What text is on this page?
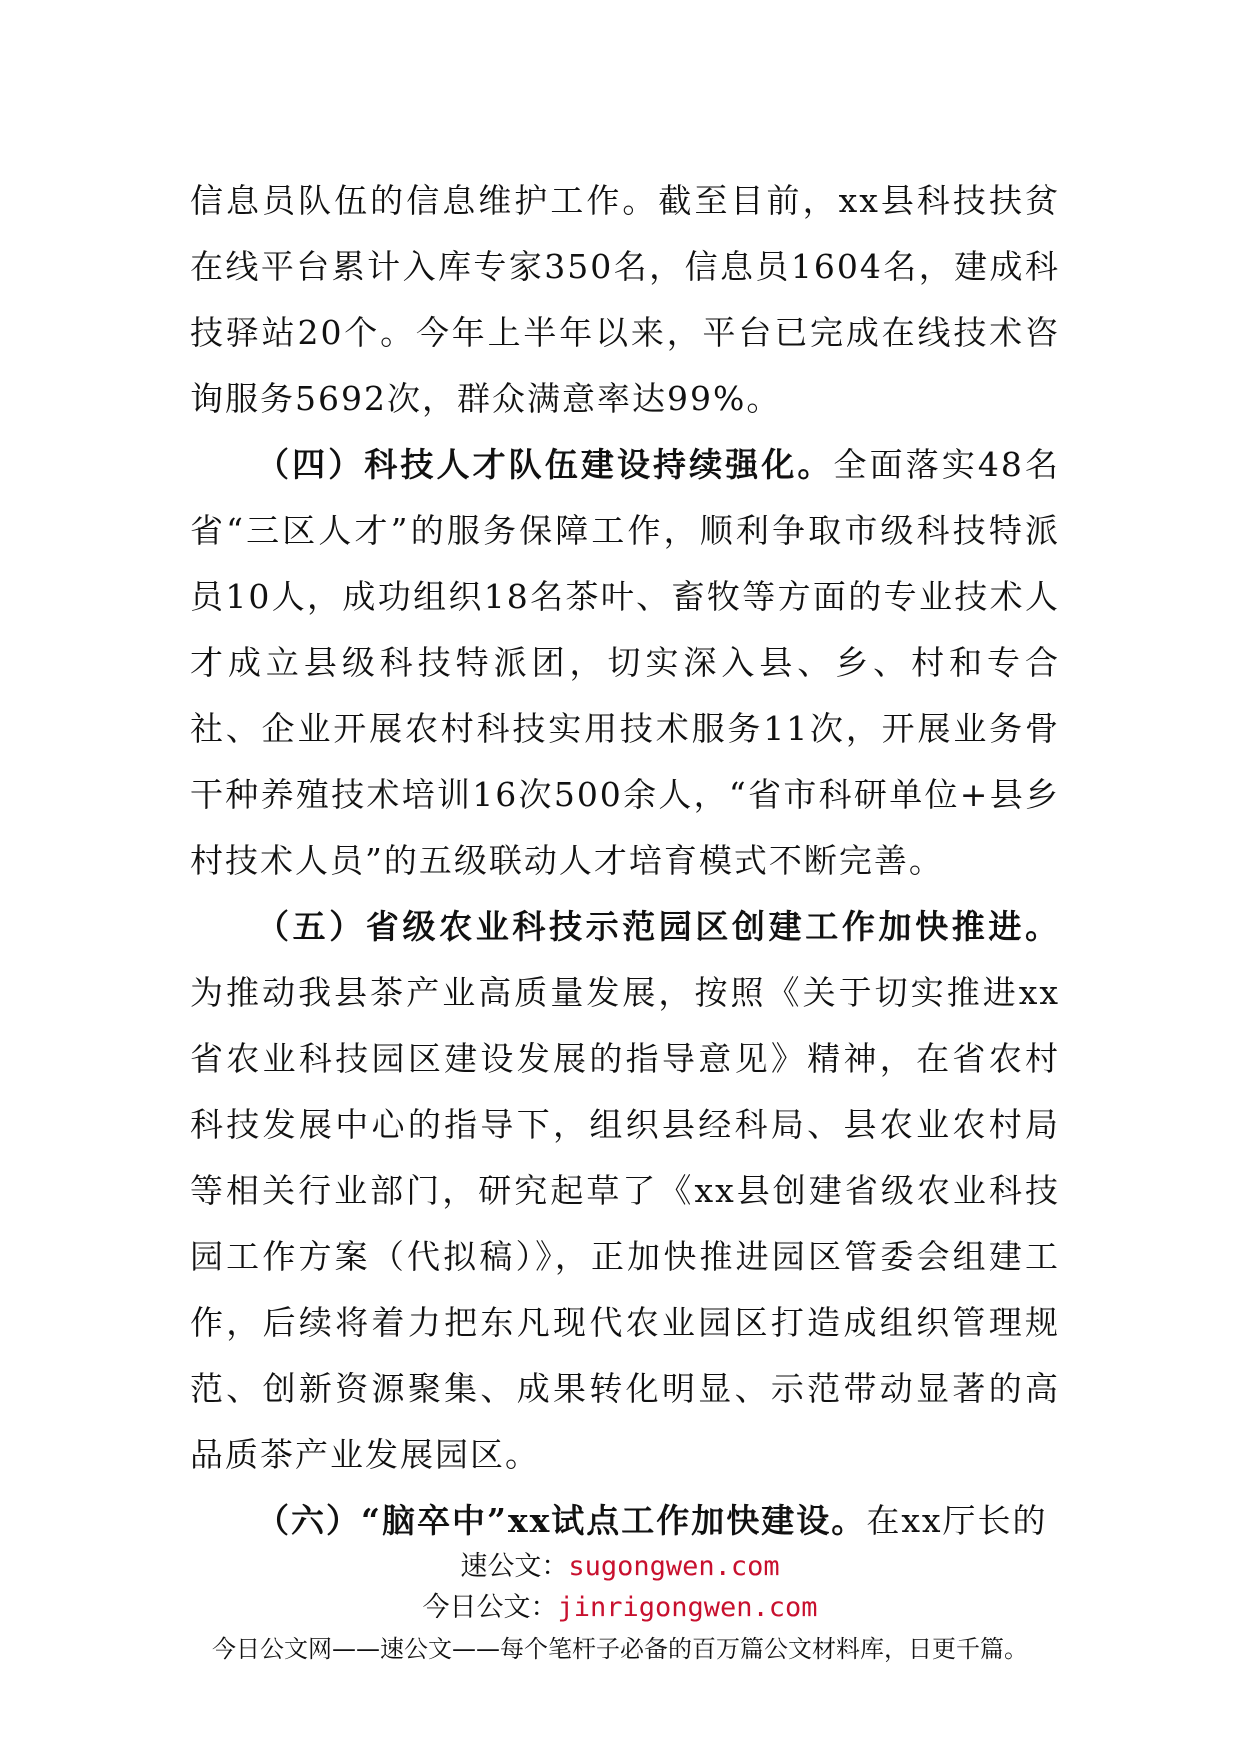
信息员队伍的信息维护工作。截至目前，xx县科技扶贫在线平台累计入库专家350名，信息员1604名，建成科技驿站20个。今年上半年以来，平台已完成在线技术咨询服务5692次，群众满意率达99%。

（四）科技人才队伍建设持续强化。全面落实48名省“三区人才”的服务保障工作，顺利争取市级科技特派员10人，成功组织18名茶叶、畜牧等方面的专业技术人才成立县级科技特派团，切实深入县、乡、村和专合社、企业开展农村科技实用技术服务11次，开展业务骨干种养殖技术培训16次500余人，“省市科研单位+县乡村技术人员”的五级联动人才培育模式不断完善。

（五）省级农业科技示范园区创建工作加快推进。为推动我县茶产业高质量发展，按照《关于切实推进xx省农业科技园区建设发展的指导意见》精神，在省农村科技发展中心的指导下，组织县经科局、县农业农村局等相关行业部门，研究起草了《xx县创建省级农业科技园工作方案（代拟稿）》，正加快推进园区管委会组建工作，后续将着力把东凡现代农业园区打造成组织管理规范、创新资源聚集、成果转化明显、示范带动显著的高品质茶产业发展园区。

（六）“脑卒中”xx试点工作加快建设。在xx厅长的

速公文：sugongwen.com
今日公文：jinrigongwen.com
今日公文网——速公文——每个笔杆子必备的百万篇公文材料库，日更千篇。
